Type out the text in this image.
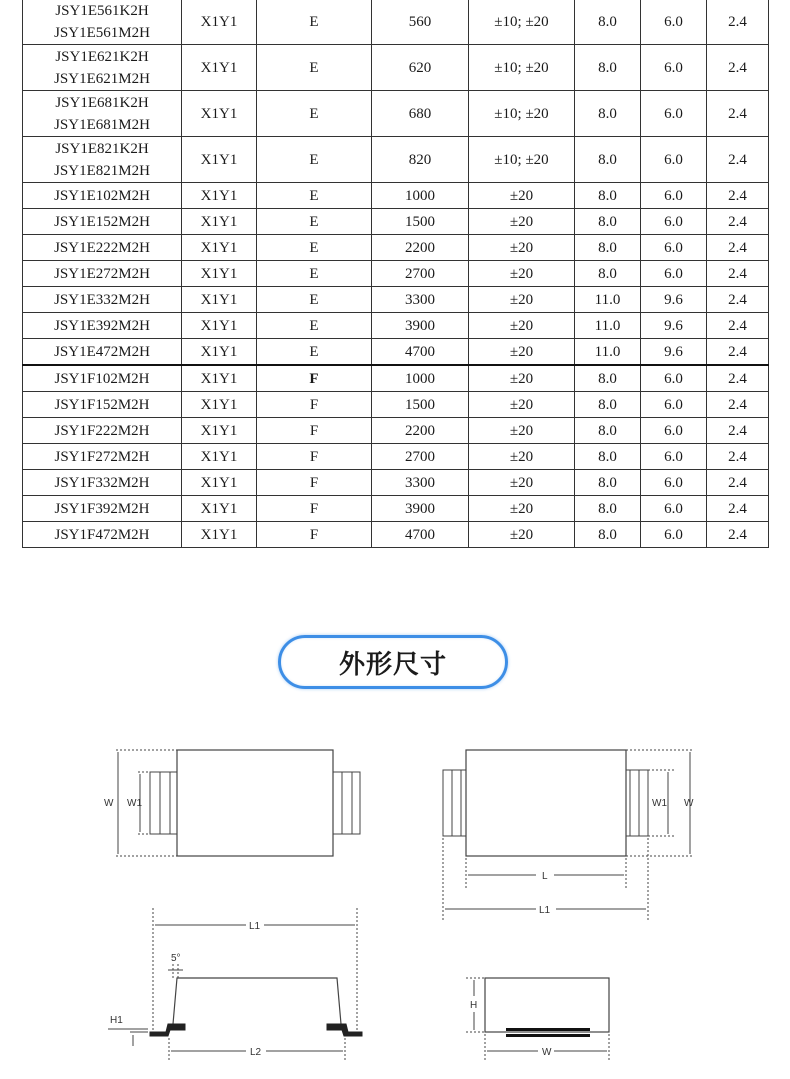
JSY1E561K2H
JSY1E561M2H	X1Y1	E	560	±10; ±20	8.0	6.0	2.4

JSY1E621K2H
JSY1E621M2H	X1Y1	E	620	±10; ±20	8.0	6.0	2.4

JSY1E681K2H
JSY1E681M2H	X1Y1	E	680	±10; ±20	8.0	6.0	2.4

JSY1E821K2H
JSY1E821M2H	X1Y1	E	820	±10; ±20	8.0	6.0	2.4

JSY1E102M2H	X1Y1	E	1000	±20	8.0	6.0	2.4

JSY1E152M2H	X1Y1	E	1500	±20	8.0	6.0	2.4

JSY1E222M2H	X1Y1	E	2200	±20	8.0	6.0	2.4

JSY1E272M2H	X1Y1	E	2700	±20	8.0	6.0	2.4

JSY1E332M2H	X1Y1	E	3300	±20	11.0	9.6	2.4

JSY1E392M2H	X1Y1	E	3900	±20	11.0	9.6	2.4

JSY1E472M2H	X1Y1	E	4700	±20	11.0	9.6	2.4

JSY1F102M2H	X1Y1	F	1000	±20	8.0	6.0	2.4

JSY1F152M2H	X1Y1	F	1500	±20	8.0	6.0	2.4

JSY1F222M2H	X1Y1	F	2200	±20	8.0	6.0	2.4

JSY1F272M2H	X1Y1	F	2700	±20	8.0	6.0	2.4

JSY1F332M2H	X1Y1	F	3300	±20	8.0	6.0	2.4

JSY1F392M2H	X1Y1	F	3900	±20	8.0	6.0	2.4

JSY1F472M2H	X1Y1	F	4700	±20	8.0	6.0	2.4
外形尺寸
W W1	W1 W
L
L1
L1
5°
H1
L2
H
W
